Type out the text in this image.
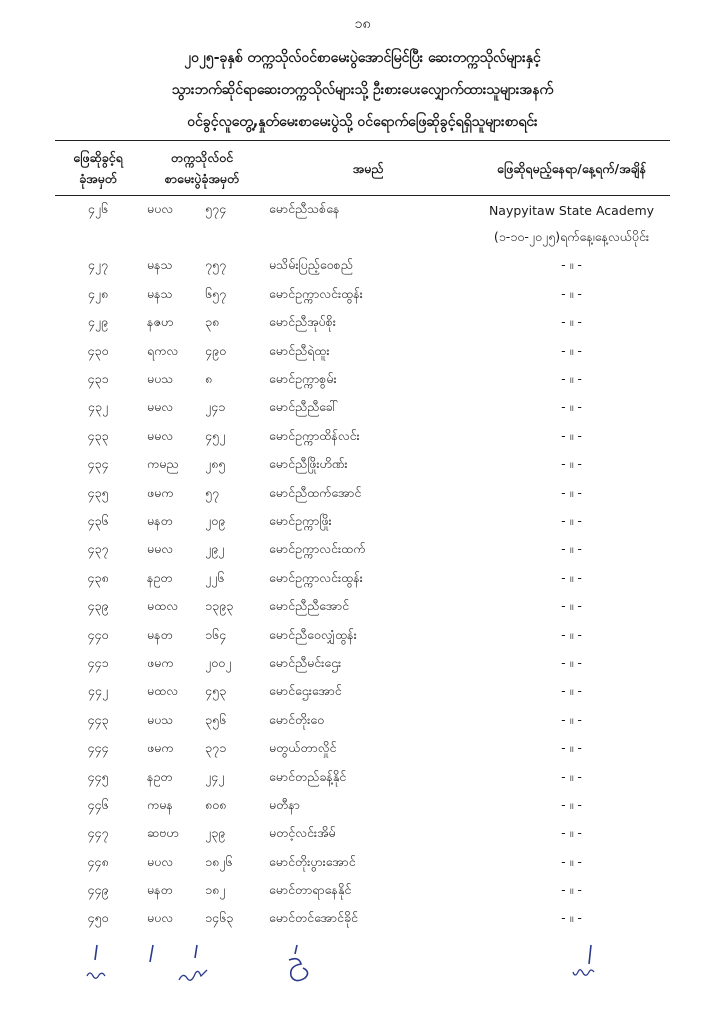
၁၈
၂၀၂၅-ခုနှစ် တက္ကသိုလ်ဝင်စာမေးပွဲအောင်မြင်ပြီး ဆေးတက္ကသိုလ်များနှင့်
သွားဘက်ဆိုင်ရာဆေးတက္ကသိုလ်များသို့ ဦးစားပေးလျှောက်ထားသူများအနက်
ဝင်ခွင့်လူတွေ့,နှုတ်မေးစာမေးပွဲသို့ ဝင်ရောက်ဖြေဆိုခွင့်ရရှိသူများစာရင်း
ဖြေဆိုခွင့်ရ
ခုံအမှတ်	တက္ကသိုလ်ဝင်
စာမေးပွဲခုံအမှတ်		အမည်	ဖြေဆိုရမည့်နေရာ/နေ့ရက်/အချိန်
၄၂၆	မပလ	၅၇၄	မောင်ညီသစ်နေ	Naypyitaw State Academy
				(၁-၁၀-၂၀၂၅)ရက်နေ့၊နေ့လယ်ပိုင်း
၄၂၇	မနသ	၇၅၇	မသိမ်းပြည့်ဝေစည်	- ။ -
၄၂၈	မနသ	၆၅၇	မောင်ဥက္ကာလင်းထွန်း	- ။ -
၄၂၉	နဇဟ	၃၈	မောင်ညီအုပ်စိုး	- ။ -
၄၃၀	ရကလ	၄၉၀	မောင်ညီရဲထူး	- ။ -
၄၃၁	မပသ	၈	မောင်ဥက္ကာစွမ်း	- ။ -
၄၃၂	မမလ	၂၄၁	မောင်ညီညီခေါ်	- ။ -
၄၃၃	မမလ	၄၅၂	မောင်ဥက္ကာထိန်လင်း	- ။ -
၄၃၄	ကမည	၂၈၅	မောင်ညီဖြိုးဟိဏ်း	- ။ -
၄၃၅	ဖမက	၅၇	မောင်ညီထက်အောင်	- ။ -
၄၃၆	မနတ	၂၀၉	မောင်ဥက္ကာဖြိုး	- ။ -
၄၃၇	မမလ	၂၉၂	မောင်ဥက္ကာလင်းထက်	- ။ -
၄၃၈	နဥတ	၂၂၆	မောင်ဥက္ကာလင်းထွန်း	- ။ -
၄၃၉	မထလ	၁၃၉၃	မောင်ညီညီအောင်	- ။ -
၄၄၀	မနတ	၁၆၄	မောင်ညီဝေလျှံထွန်း	- ။ -
၄၄၁	ဖမက	၂၀၀၂	မောင်ညီမင်းဌေး	- ။ -
၄၄၂	မထလ	၄၅၃	မောင်ဌေးအောင်	- ။ -
၄၄၃	မပသ	၃၅၆	မောင်တိုးဝေ	- ။ -
၄၄၄	ဖမက	၃၇၁	မတွယ်တာလှိုင်	- ။ -
၄၄၅	နဥတ	၂၄၂	မောင်တည်ခန့်နိုင်	- ။ -
၄၄၆	ကမန	၈၀၈	မတီနာ	- ။ -
၄၄၇	ဆဗဟ	၂၃၉	မတင့်လင်းအိမ်	- ။ -
၄၄၈	မပလ	၁၈၂၆	မောင်တိုးပွားအောင်	- ။ -
၄၄၉	မနတ	၁၈၂	မောင်တာရာနေနိုင်	- ။ -
၄၅၀	မပလ	၁၄၆၃	မောင်တင်အောင်ခိုင်	- ။ -
